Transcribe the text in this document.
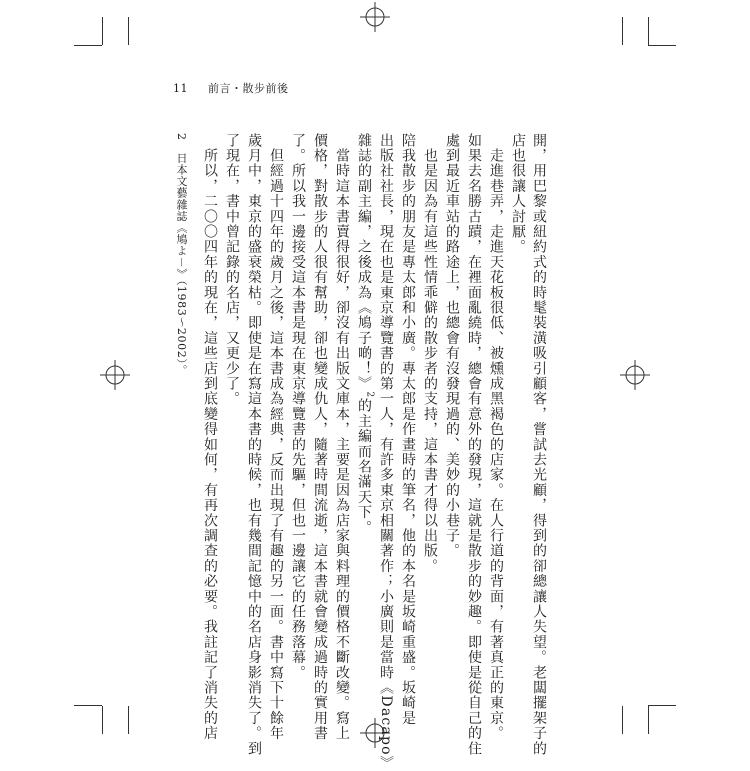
11 前言・散步前後
開，用巴黎或紐約式的時髦裝潢吸引顧客，嘗試去光顧，得到的卻總讓人失望。老闆擺架子的
店也很讓人討厭。
　走進巷弄，走進天花板很低、被燻成黑褐色的店家。在人行道的背面，有著真正的東京。
如果去名勝古蹟，在裡面亂繞時，總會有意外的發現，這就是散步的妙趣。即使是從自己的住
處到最近車站的路途上，也總會有沒發現過的、美妙的小巷子。
　也是因為有這些性情乖僻的散步者的支持，這本書才得以出版。
陪我散步的朋友是專太郎和小廣。專太郎是作畫時的筆名，他的本名是坂崎重盛。坂崎是
出版社社長，現在也是東京導覽書的第一人，有許多東京相關著作；小廣則是當時《Dacapo》
雜誌的副主編，之後成為《鳩子啲！》$^2$的主編而名滿天下。
　當時這本書賣得很好，卻沒有出版文庫本，主要是因為店家與料理的價格不斷改變。寫上
價格，對散步的人很有幫助，卻也變成仇人，隨著時間流逝，這本書就會變成過時的實用書
了。所以我一邊接受這本書是現在東京導覽書的先驅，但也一邊讓它的任務落幕。
　但經過十四年的歲月之後，這本書成為經典，反而出現了有趣的另一面。書中寫下十餘年
歲月中，東京的盛衰榮枯。即使是在寫這本書的時候，也有幾間記憶中的名店身影消失了。到
了現在，書中曾記錄的名店，又更少了。
　所以，二〇〇四年的現在，這些店到底變得如何，有再次調查的必要。我註記了消失的店
2　日本文藝雜誌《鳩よ－》（1983～2002）。
